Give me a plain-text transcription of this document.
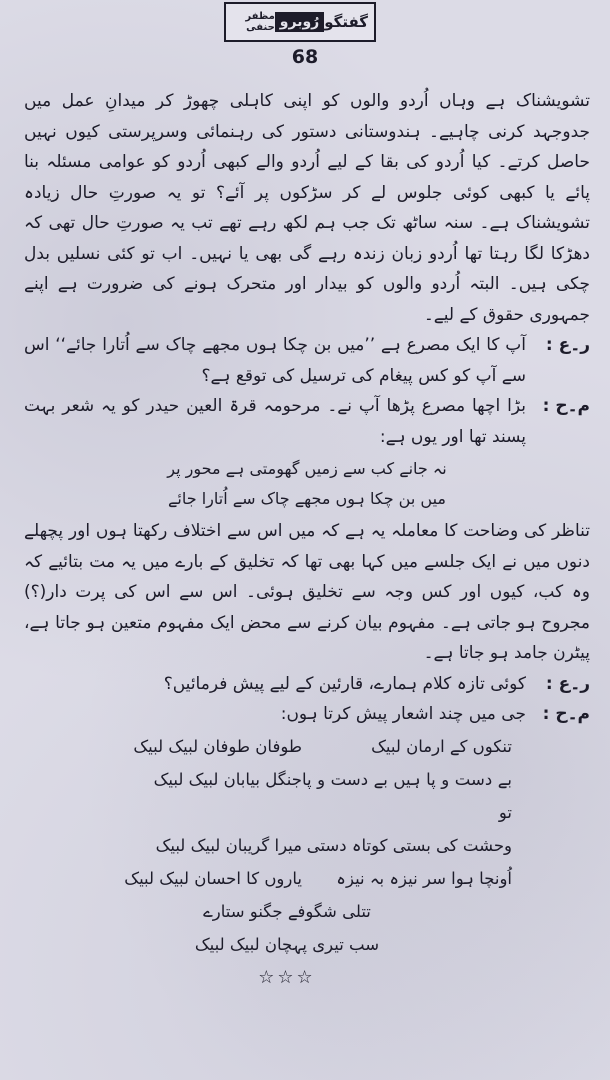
گفتگو
رُوبرو
مظفر حنفی
68

تشویشناک ہے وہاں اُردو والوں کو اپنی کاہلی چھوڑ کر میدانِ عمل میں جدوجہد کرنی چاہیے۔ ہندوستانی دستور کی رہنمائی وسرپرستی کیوں نہیں حاصل کرتے۔ کیا اُردو کی بقا کے لیے اُردو والے کبھی اُردو کو عوامی مسئلہ بنا پائے یا کبھی کوئی جلوس لے کر سڑکوں پر آئے؟ تو یہ صورتِ حال زیادہ تشویشناک ہے۔ سنہ ساٹھ تک جب ہم لکھ رہے تھے تب یہ صورتِ حال تھی کہ دھڑکا لگا رہتا تھا اُردو زبان زندہ رہے گی بھی یا نہیں۔ اب تو کئی نسلیں بدل چکی ہیں۔ البتہ اُردو والوں کو بیدار اور متحرک ہونے کی ضرورت ہے اپنے جمہوری حقوق کے لیے۔

ر۔ع :
آپ کا ایک مصرع ہے ’’میں بن چکا ہوں مجھے چاک سے اُتارا جائے‘‘ اس سے آپ کو کس پیغام کی ترسیل کی توقع ہے؟
م۔ح :
بڑا اچھا مصرع پڑھا آپ نے۔ مرحومہ قرۃ العین حیدر کو یہ شعر بہت پسند تھا اور یوں ہے:
نہ جانے کب سے زمیں گھومتی ہے محور پر
میں بن چکا ہوں مجھے چاک سے اُتارا جائے

تناظر کی وضاحت کا معاملہ یہ ہے کہ میں اس سے اختلاف رکھتا ہوں اور پچھلے دنوں میں نے ایک جلسے میں کہا بھی تھا کہ تخلیق کے بارے میں یہ مت بتائیے کہ وہ کب، کیوں اور کس وجہ سے تخلیق ہوئی۔ اس سے اس کی پرت دار(؟) مجروح ہو جاتی ہے۔ مفہوم بیان کرنے سے محض ایک مفہوم متعین ہو جاتا ہے، پیٹرن جامد ہو جاتا ہے۔

ر۔ع :
کوئی تازہ کلام ہمارے، قارئین کے لیے پیش فرمائیں؟
م۔ح :
جی میں چند اشعار پیش کرتا ہوں:
تنکوں کے ارمان لبیک
طوفان طوفان لبیک لبیک
بے دست و پا ہیں بے دست و پا تو
جنگل بیابان لبیک لبیک
وحشت کی بستی کوتاہ دستی
میرا گریبان لبیک لبیک
اُونچا ہوا سر نیزہ بہ نیزہ
یاروں کا احسان لبیک لبیک
تتلی شگوفے جگنو ستارے
سب تیری پہچان لبیک لبیک
☆☆☆
